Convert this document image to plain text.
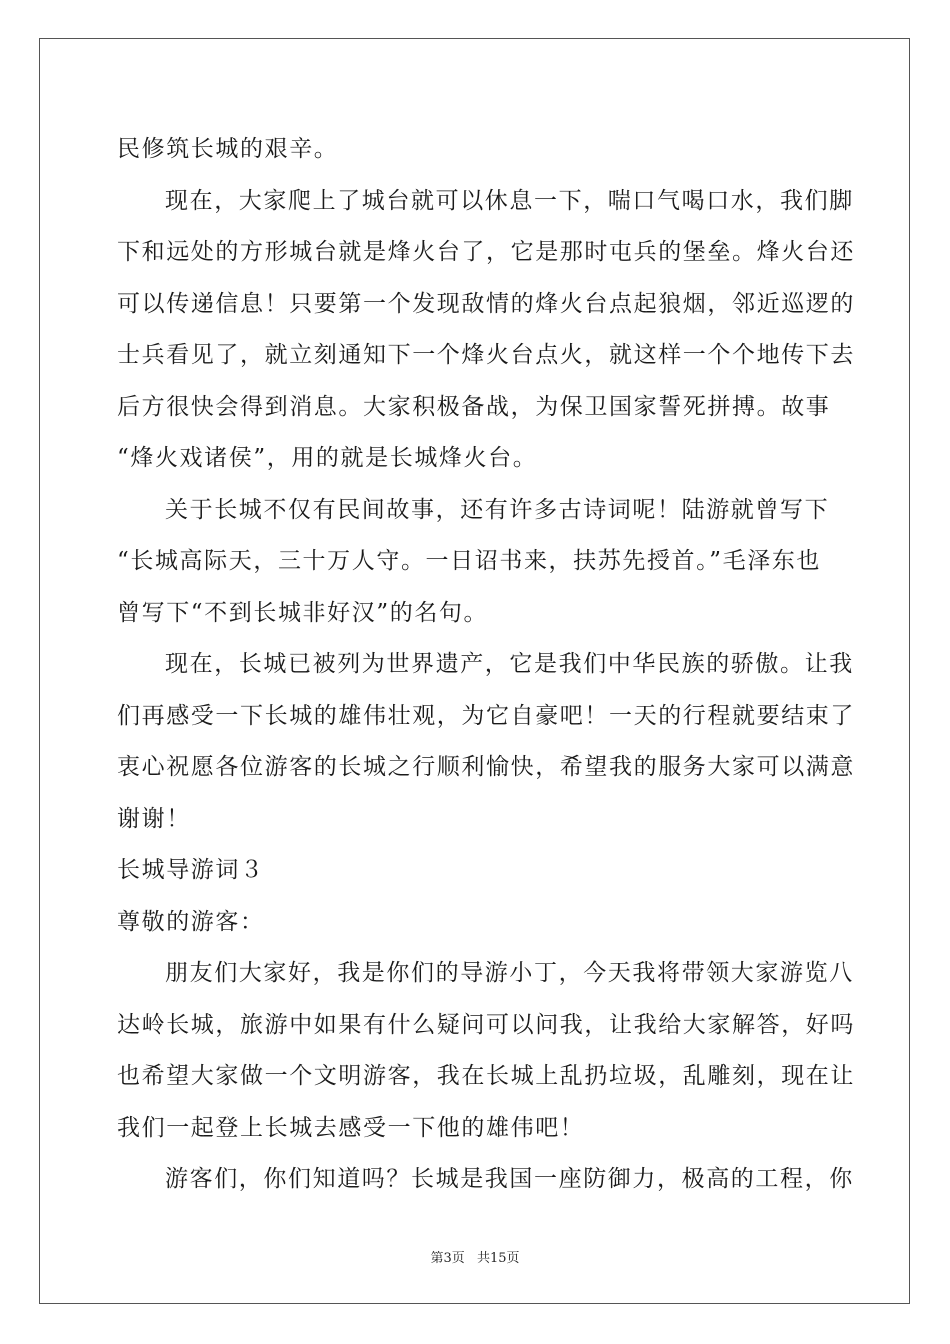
民修筑长城的艰辛。
现在，大家爬上了城台就可以休息一下，喘口气喝口水，我们脚
下和远处的方形城台就是烽火台了，它是那时屯兵的堡垒。烽火台还
可以传递信息！只要第一个发现敌情的烽火台点起狼烟，邻近巡逻的
士兵看见了，就立刻通知下一个烽火台点火，就这样一个个地传下去
后方很快会得到消息。大家积极备战，为保卫国家誓死拼搏。故事
“烽火戏诸侯”，用的就是长城烽火台。
关于长城不仅有民间故事，还有许多古诗词呢！陆游就曾写下
“长城高际天，三十万人守。一日诏书来，扶苏先授首。”毛泽东也
曾写下“不到长城非好汉”的名句。
现在，长城已被列为世界遗产，它是我们中华民族的骄傲。让我
们再感受一下长城的雄伟壮观，为它自豪吧！一天的行程就要结束了
衷心祝愿各位游客的长城之行顺利愉快，希望我的服务大家可以满意
谢谢！
长城导游词３
尊敬的游客：
朋友们大家好，我是你们的导游小丁，今天我将带领大家游览八
达岭长城，旅游中如果有什么疑问可以问我，让我给大家解答，好吗
也希望大家做一个文明游客，我在长城上乱扔垃圾，乱雕刻，现在让
我们一起登上长城去感受一下他的雄伟吧！
游客们，你们知道吗？长城是我国一座防御力，极高的工程，你
第3页 共15页
